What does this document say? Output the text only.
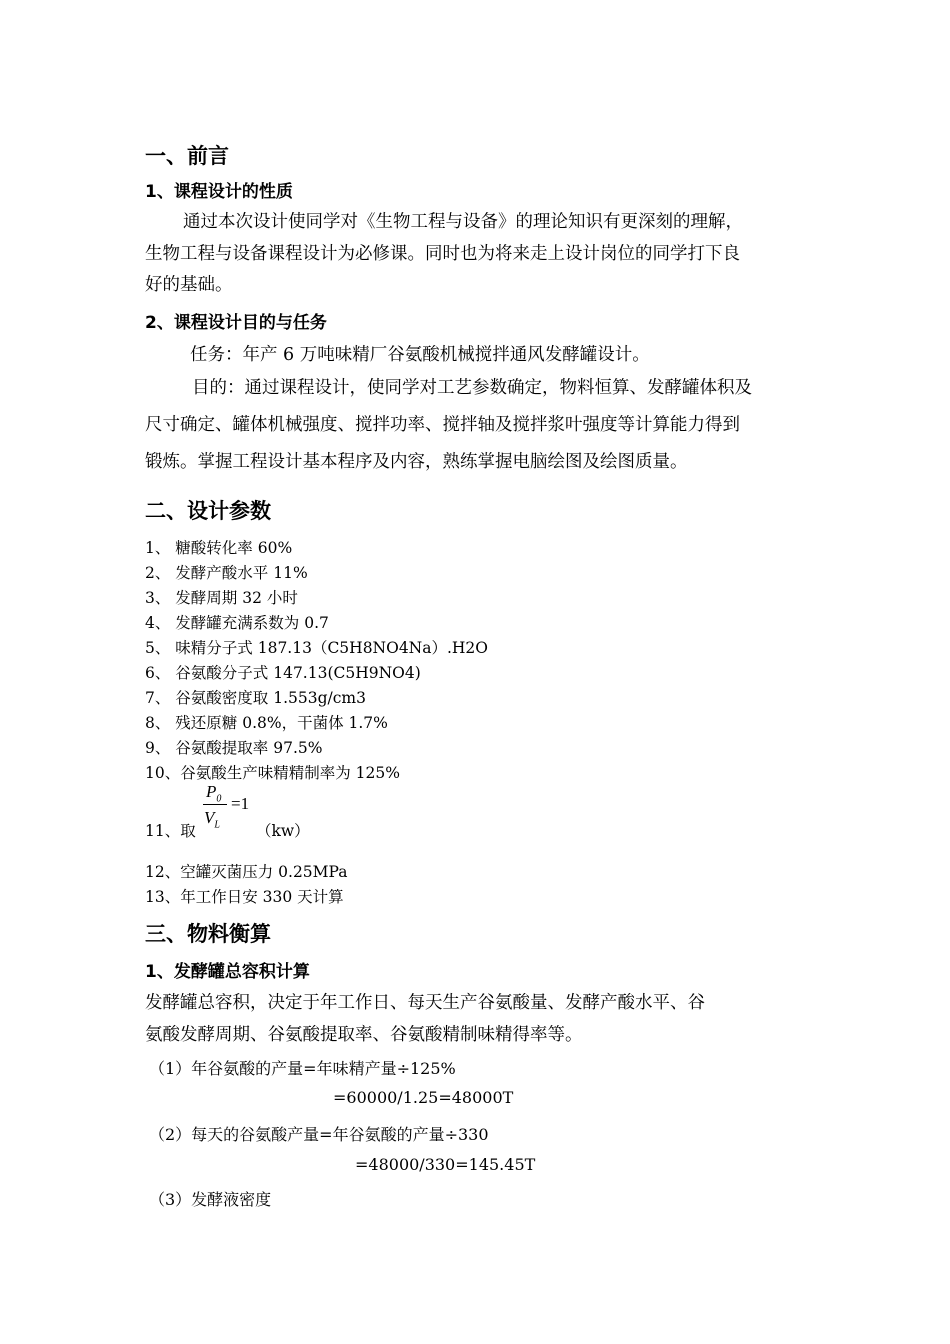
一、前言
1、课程设计的性质
通过本次设计使同学对《生物工程与设备》的理论知识有更深刻的理解，
生物工程与设备课程设计为必修课。同时也为将来走上设计岗位的同学打下良
好的基础。
2、课程设计目的与任务
任务：年产 6 万吨味精厂谷氨酸机械搅拌通风发酵罐设计。
目的：通过课程设计，使同学对工艺参数确定，物料恒算、发酵罐体积及
尺寸确定、罐体机械强度、搅拌功率、搅拌轴及搅拌浆叶强度等计算能力得到
锻炼。掌握工程设计基本程序及内容，熟练掌握电脑绘图及绘图质量。
二、设计参数
1、 糖酸转化率 60%
2、 发酵产酸水平 11%
3、 发酵周期 32 小时
4、 发酵罐充满系数为 0.7
5、 味精分子式 187.13（C5H8NO4Na）.H2O
6、 谷氨酸分子式 147.13(C5H9NO4)
7、 谷氨酸密度取 1.553g/cm3
8、 残还原糖 0.8%，干菌体 1.7%
9、 谷氨酸提取率 97.5%
10、谷氨酸生产味精精制率为 125%
$P_0$
$V_L$
=1
11、取	（kw）
12、空罐灭菌压力 0.25MPa
13、年工作日安 330 天计算
三、物料衡算
1、发酵罐总容积计算
发酵罐总容积，决定于年工作日、每天生产谷氨酸量、发酵产酸水平、谷
氨酸发酵周期、谷氨酸提取率、谷氨酸精制味精得率等。
（1）年谷氨酸的产量=年味精产量÷125%
=60000/1.25=48000T
（2）每天的谷氨酸产量=年谷氨酸的产量÷330
=48000/330=145.45T
（3）发酵液密度
